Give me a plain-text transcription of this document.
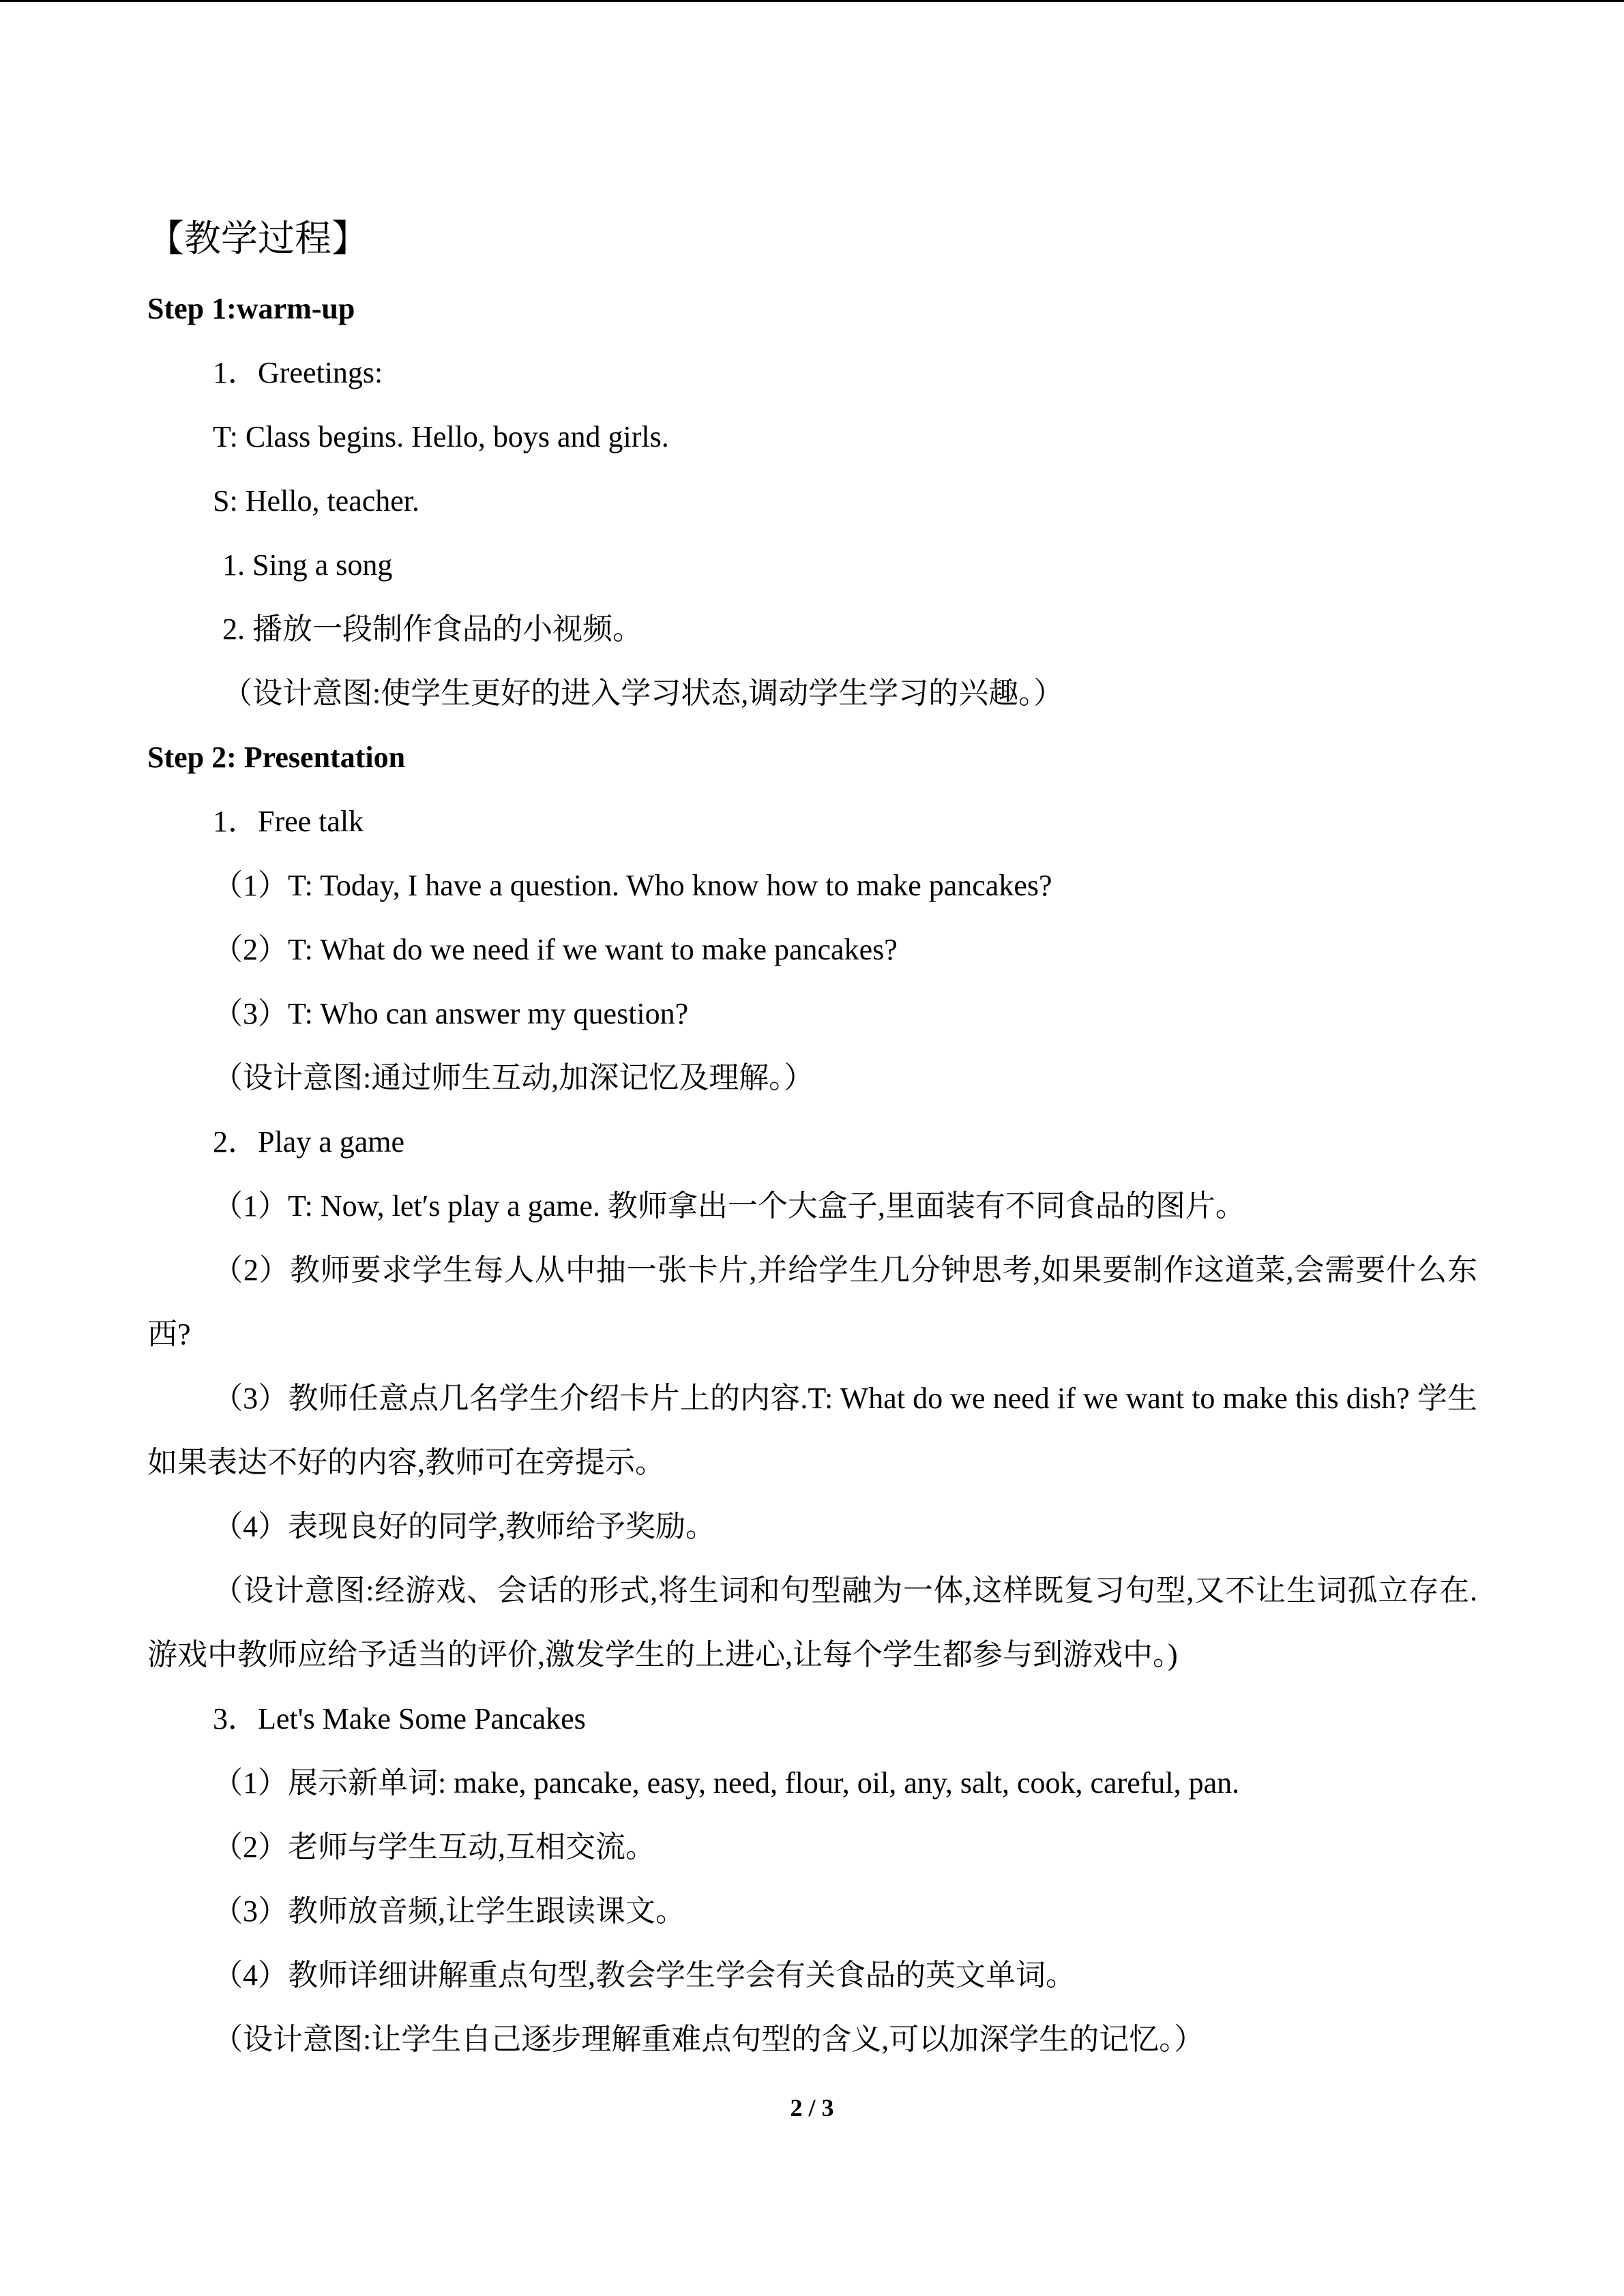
【教学过程】
Step 1:warm-up
1．Greetings:
T: Class begins. Hello, boys and girls.
S: Hello, teacher.
1. Sing a song
2. 播放一段制作食品的小视频。
（设计意图:使学生更好的进入学习状态,调动学生学习的兴趣。）
Step 2: Presentation
1．Free talk
（1）T: Today, I have a question. Who know how to make pancakes?
（2）T: What do we need if we want to make pancakes?
（3）T: Who can answer my question?
（设计意图:通过师生互动,加深记忆及理解。）
2．Play a game
（1）T: Now, let′s play a game. 教师拿出一个大盒子,里面装有不同食品的图片。
（2）教师要求学生每人从中抽一张卡片,并给学生几分钟思考,如果要制作这道菜,会需要什么东西?
（3）教师任意点几名学生介绍卡片上的内容.T: What do we need if we want to make this dish? 学生如果表达不好的内容,教师可在旁提示。
（4）表现良好的同学,教师给予奖励。
（设计意图:经游戏、会话的形式,将生词和句型融为一体,这样既复习句型,又不让生词孤立存在.游戏中教师应给予适当的评价,激发学生的上进心,让每个学生都参与到游戏中。)
3．Let's Make Some Pancakes
（1）展示新单词: make, pancake, easy, need, flour, oil, any, salt, cook, careful, pan.
（2）老师与学生互动,互相交流。
（3）教师放音频,让学生跟读课文。
（4）教师详细讲解重点句型,教会学生学会有关食品的英文单词。
（设计意图:让学生自己逐步理解重难点句型的含义,可以加深学生的记忆。）
2 / 3
